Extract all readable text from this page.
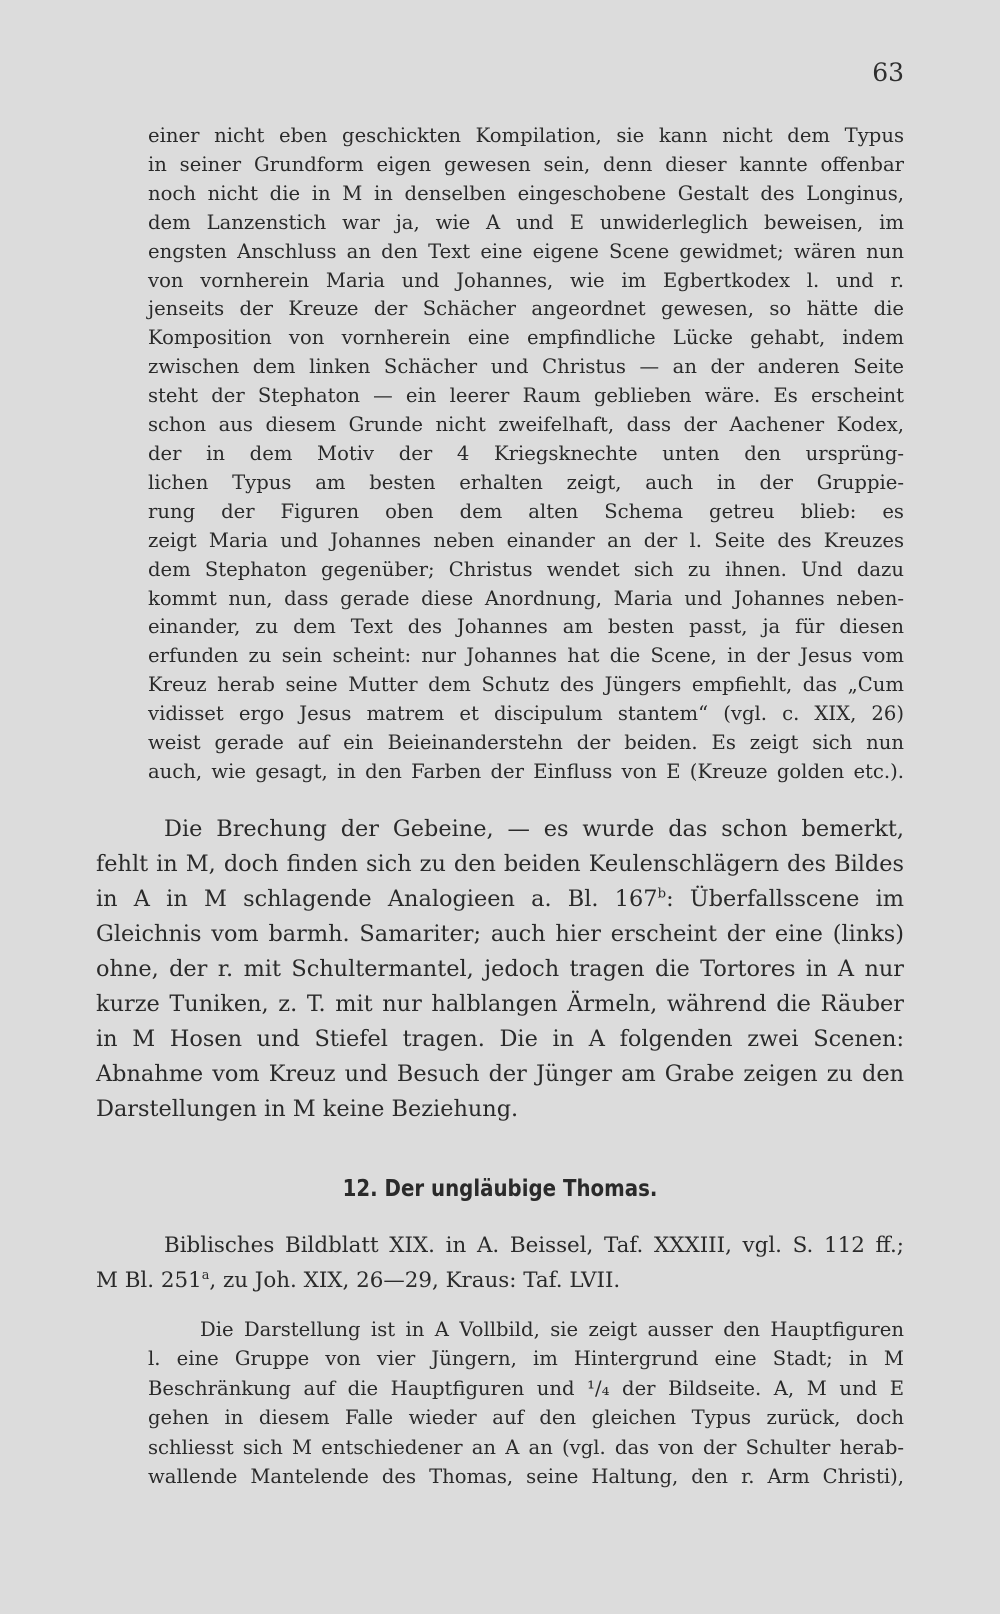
63
einer nicht eben geschickten Kompilation, sie kann nicht dem Typus
in seiner Grundform eigen gewesen sein, denn dieser kannte offenbar
noch nicht die in M in denselben eingeschobene Gestalt des Longinus,
dem Lanzenstich war ja, wie A und E unwiderleglich beweisen, im
engsten Anschluss an den Text eine eigene Scene gewidmet; wären nun
von vornherein Maria und Johannes, wie im Egbertkodex l. und r.
jenseits der Kreuze der Schächer angeordnet gewesen, so hätte die
Komposition von vornherein eine empfindliche Lücke gehabt, indem
zwischen dem linken Schächer und Christus — an der anderen Seite
steht der Stephaton — ein leerer Raum geblieben wäre. Es erscheint
schon aus diesem Grunde nicht zweifelhaft, dass der Aachener Kodex,
der in dem Motiv der 4 Kriegsknechte unten den ursprüng-
lichen Typus am besten erhalten zeigt, auch in der Gruppie-
rung der Figuren oben dem alten Schema getreu blieb: es
zeigt Maria und Johannes neben einander an der l. Seite des Kreuzes
dem Stephaton gegenüber; Christus wendet sich zu ihnen. Und dazu
kommt nun, dass gerade diese Anordnung, Maria und Johannes neben-
einander, zu dem Text des Johannes am besten passt, ja für diesen
erfunden zu sein scheint: nur Johannes hat die Scene, in der Jesus vom
Kreuz herab seine Mutter dem Schutz des Jüngers empfiehlt, das „Cum
vidisset ergo Jesus matrem et discipulum stantem“ (vgl. c. XIX, 26)
weist gerade auf ein Beieinanderstehn der beiden. Es zeigt sich nun
auch, wie gesagt, in den Farben der Einfluss von E (Kreuze golden etc.).
Die Brechung der Gebeine, — es wurde das schon bemerkt,
fehlt in M, doch finden sich zu den beiden Keulenschlägern des Bildes
in A in M schlagende Analogieen a. Bl. 167$^b$: Überfallsscene im
Gleichnis vom barmh. Samariter; auch hier erscheint der eine (links)
ohne, der r. mit Schultermantel, jedoch tragen die Tortores in A nur
kurze Tuniken, z. T. mit nur halblangen Ärmeln, während die Räuber
in M Hosen und Stiefel tragen. Die in A folgenden zwei Scenen:
Abnahme vom Kreuz und Besuch der Jünger am Grabe zeigen zu den
Darstellungen in M keine Beziehung.
12. Der ungläubige Thomas.
Biblisches Bildblatt XIX. in A. Beissel, Taf. XXXIII, vgl. S. 112 ff.;
M Bl. 251$^a$, zu Joh. XIX, 26—29, Kraus: Taf. LVII.
Die Darstellung ist in A Vollbild, sie zeigt ausser den Hauptfiguren
l. eine Gruppe von vier Jüngern, im Hintergrund eine Stadt; in M
Beschränkung auf die Hauptfiguren und ¹/₄ der Bildseite. A, M und E
gehen in diesem Falle wieder auf den gleichen Typus zurück, doch
schliesst sich M entschiedener an A an (vgl. das von der Schulter herab-
wallende Mantelende des Thomas, seine Haltung, den r. Arm Christi),
